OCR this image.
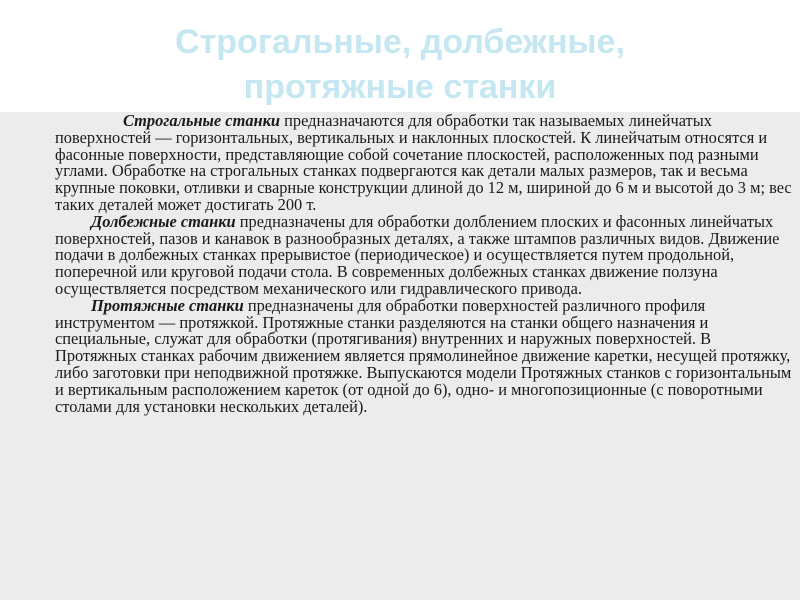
Строгальные, долбежные,
протяжные станки

Строгальные станки предназначаются для обработки так называемых линейчатых поверхностей — горизонтальных, вертикальных и наклонных плоскостей. К линейчатым относятся и фасонные поверхности, представляющие собой сочетание плоскостей, расположенных под разными углами. Обработке на строгальных станках подвергаются как детали малых размеров, так и весьма крупные поковки, отливки и сварные конструкции длиной до 12 м, шириной до 6 м и высотой до 3 м; вес таких деталей может достигать 200 т.

Долбежные станки предназначены для обработки долблением плоских и фасонных линейчатых поверхностей, пазов и канавок в разнообразных деталях, а также штампов различных видов. Движение подачи в долбежных станках прерывистое (периодическое) и осуществляется путем продольной, поперечной или круговой подачи стола. В современных долбежных станках движение ползуна осуществляется посредством механического или гидравлического привода.

Протяжные станки предназначены для обработки поверхностей различного профиля инструментом — протяжкой. Протяжные станки разделяются на станки общего назначения и специальные, служат для обработки (протягивания) внутренних и наружных поверхностей. В Протяжных станках рабочим движением является прямолинейное движение каретки, несущей протяжку, либо заготовки при неподвижной протяжке. Выпускаются модели Протяжных станков с горизонтальным и вертикальным расположением кареток (от одной до 6), одно- и многопозиционные (с поворотными столами для установки нескольких деталей).
